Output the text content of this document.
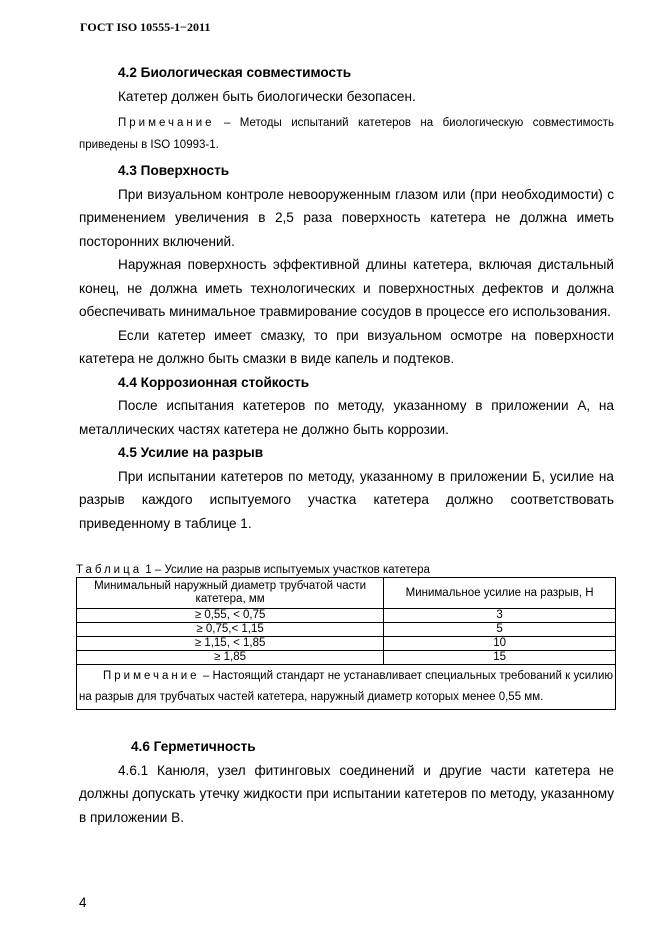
ГОСТ ISO 10555-1−2011

4.2 Биологическая совместимость

Катетер должен быть биологически безопасен.

Примечание – Методы испытаний катетеров на биологическую совместимость приведены в ISO 10993-1.

4.3 Поверхность

При визуальном контроле невооруженным глазом или (при необходимости) с применением увеличения в 2,5 раза поверхность катетера не должна иметь посторонних включений.

Наружная поверхность эффективной длины катетера, включая дистальный конец, не должна иметь технологических и поверхностных дефектов и должна обеспечивать минимальное травмирование сосудов в процессе его использования.

Если катетер имеет смазку, то при визуальном осмотре на поверхности катетера не должно быть смазки в виде капель и подтеков.

4.4 Коррозионная стойкость

После испытания катетеров по методу, указанному в приложении А, на металлических частях катетера не должно быть коррозии.

4.5 Усилие на разрыв

При испытании катетеров по методу, указанному в приложении Б, усилие на разрыв каждого испытуемого участка катетера должно соответствовать приведенному в таблице 1.

Таблица 1 – Усилие на разрыв испытуемых участков катетера
Минимальный наружный диаметр трубчатой части катетера, мм	Минимальное усилие на разрыв, Н
≥ 0,55, < 0,75	3
≥ 0,75,< 1,15	5
≥ 1,15, < 1,85	10
≥ 1,85	15
Примечание – Настоящий стандарт не устанавливает специальных требований к усилию на разрыв для трубчатых частей катетера, наружный диаметр которых менее 0,55 мм.	

4.6 Герметичность

4.6.1 Канюля, узел фитинговых соединений и другие части катетера не должны допускать утечку жидкости при испытании катетеров по методу, указанному в приложении В.

4
